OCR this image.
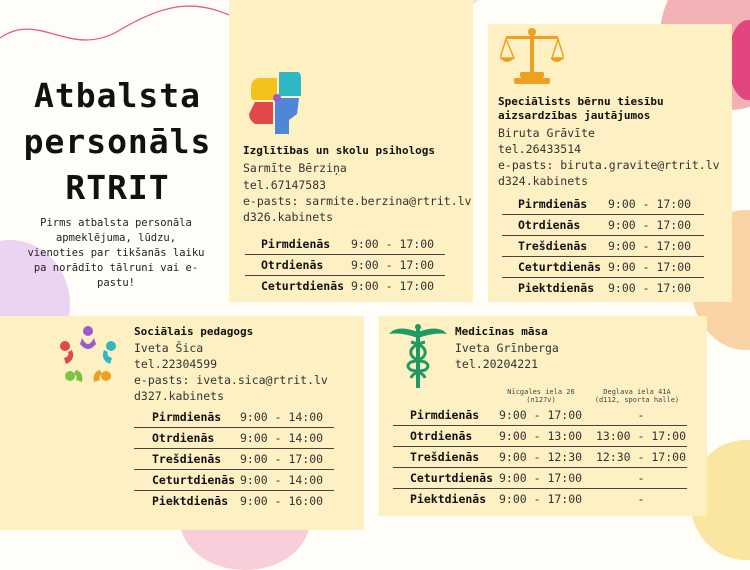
Atbalsta
personāls
RTRIT
Pirms atbalsta personāla apmeklējuma, lūdzu, vienoties par tikšanās laiku pa norādīto tālruni vai e-pastu!
Izglītības un skolu psihologs
Sarmīte Bērziņa
tel.67147583
e-pasts: sarmite.berzina@rtrit.lv
d326.kabinets
Pirmdienās	9:00 - 17:00
Otrdienās	9:00 - 17:00
Ceturtdienās	9:00 - 17:00
Speciālists bērnu tiesību aizsardzības jautājumos
Biruta Grāvīte
tel.26433514
e-pasts: biruta.gravite@rtrit.lv
d324.kabinets
Pirmdienās	9:00 - 17:00
Otrdienās	9:00 - 17:00
Trešdienās	9:00 - 17:00
Ceturtdienās	9:00 - 17:00
Piektdienās	9:00 - 17:00
Sociālais pedagogs
Iveta Šica
tel.22304599
e-pasts: iveta.sica@rtrit.lv
d327.kabinets
Pirmdienās	9:00 - 14:00
Otrdienās	9:00 - 14:00
Trešdienās	9:00 - 17:00
Ceturtdienās	9:00 - 14:00
Piektdienās	9:00 - 16:00
Medicīnas māsa
Iveta Grīnberga
tel.20204221
Nīcgales iela 26
(n127v)
Deglava iela 41A
(d112, sporta halle)
Pirmdienās	9:00 - 17:00	-
Otrdienās	9:00 - 13:00	13:00 - 17:00
Trešdienās	9:00 - 12:30	12:30 - 17:00
Ceturtdienās	9:00 - 17:00	-
Piektdienās	9:00 - 17:00	-
